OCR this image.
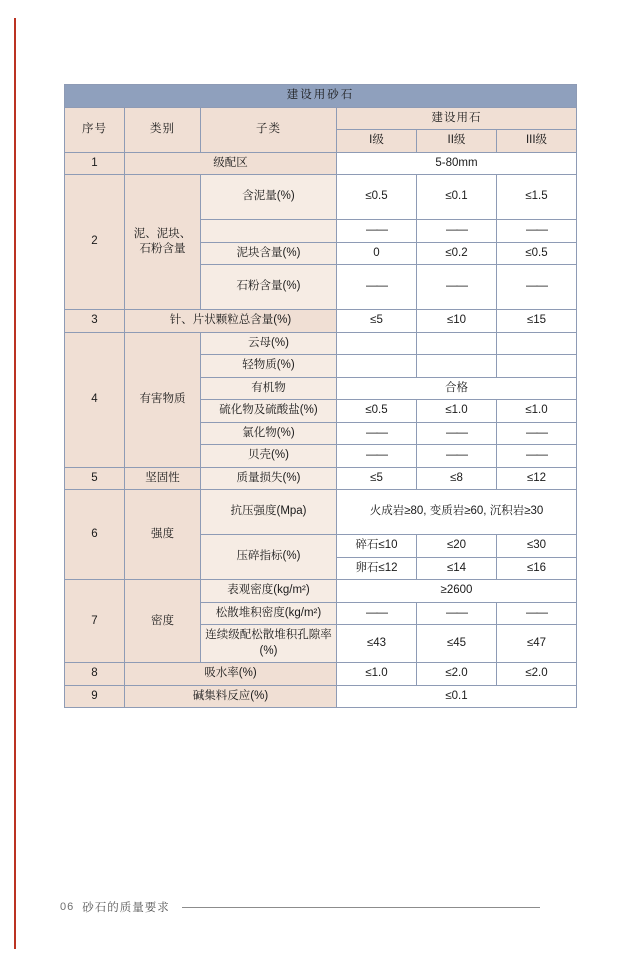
建设用砂石					
序号	类别	子类	建设用石		
			I级	II级	III级
1	级配区		5-80mm		
2	泥、泥块、石粉含量	含泥量(%)	≤0.5	≤0.1	≤1.5
			——	——	——
		泥块含量(%)	0	≤0.2	≤0.5
		石粉含量(%)	——	——	——
3	针、片状颗粒总含量(%)		≤5	≤10	≤15
4	有害物质	云母(%)			
		轻物质(%)			
		有机物	合格		
		硫化物及硫酸盐(%)	≤0.5	≤1.0	≤1.0
		氯化物(%)	——	——	——
		贝壳(%)	——	——	——
5	坚固性	质量损失(%)	≤5	≤8	≤12
6	强度	抗压强度(Mpa)	火成岩≥80, 变质岩≥60, 沉积岩≥30		
		压碎指标(%)	碎石≤10	≤20	≤30
			卵石≤12	≤14	≤16
7	密度	表观密度(kg/m²)	≥2600		
		松散堆积密度(kg/m²)	——	——	——
		连续级配松散堆积孔隙率(%)	≤43	≤45	≤47
8	吸水率(%)		≤1.0	≤2.0	≤2.0
9	碱集料反应(%)		≤0.1		
06 砂石的质量要求
